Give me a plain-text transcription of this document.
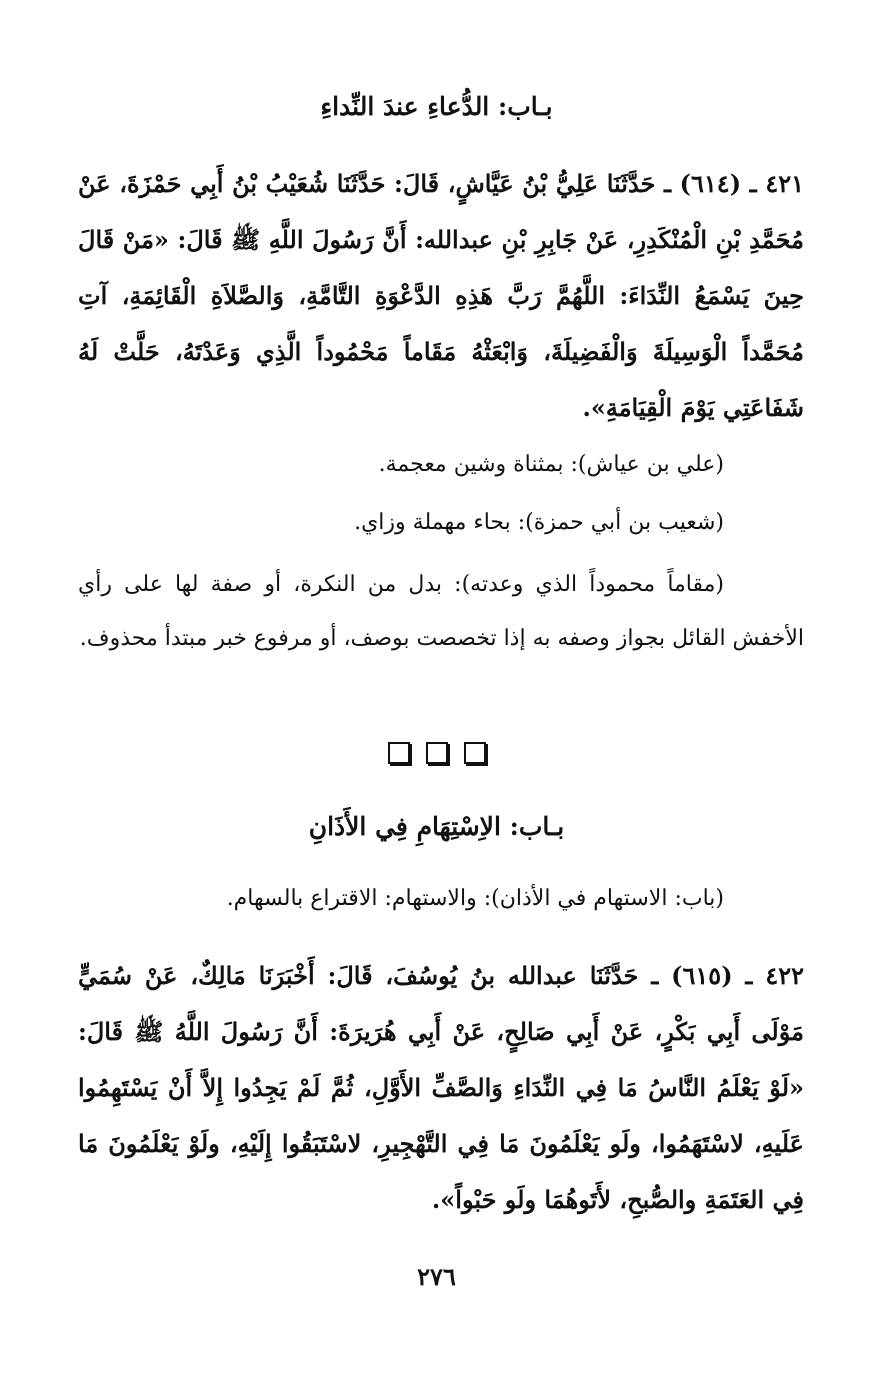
بـاب: الدُّعاءِ عندَ النِّداءِ
٤٢١ ـ (٦١٤) ـ حَدَّثَنَا عَلِيُّ بْنُ عَيَّاشٍ، قَالَ: حَدَّثَنَا شُعَيْبُ بْنُ أَبِي حَمْزَةَ، عَنْ مُحَمَّدِ بْنِ الْمُنْكَدِرِ، عَنْ جَابِرِ بْنِ عبدالله: أَنَّ رَسُولَ اللَّهِ ﷺ قَالَ: «مَنْ قَالَ حِينَ يَسْمَعُ النِّدَاءَ: اللَّهُمَّ رَبَّ هَذِهِ الدَّعْوَةِ التَّامَّةِ، وَالصَّلاَةِ الْقَائِمَةِ، آتِ مُحَمَّداً الْوَسِيلَةَ وَالْفَضِيلَةَ، وَابْعَثْهُ مَقَاماً مَحْمُوداً الَّذِي وَعَدْتَهُ، حَلَّتْ لَهُ شَفَاعَتِي يَوْمَ الْقِيَامَةِ».
(علي بن عياش): بمثناة وشين معجمة.
(شعيب بن أبي حمزة): بحاء مهملة وزاي.
(مقاماً محموداً الذي وعدته): بدل من النكرة، أو صفة لها على رأي الأخفش القائل بجواز وصفه به إذا تخصصت بوصف، أو مرفوع خبر مبتدأ محذوف.
بـاب: الاِسْتِهَامِ فِي الأَذَانِ
(باب: الاستهام في الأذان): والاستهام: الاقتراع بالسهام.
٤٢٢ ـ (٦١٥) ـ حَدَّثَنَا عبدالله بنُ يُوسُفَ، قَالَ: أَخْبَرَنَا مَالِكٌ، عَنْ سُمَيٍّ مَوْلَى أَبِي بَكْرٍ، عَنْ أَبِي صَالِحٍ، عَنْ أَبِي هُرَيرَةَ: أَنَّ رَسُولَ اللَّهُ ﷺ قَالَ: «لَوْ يَعْلَمُ النَّاسُ مَا فِي النِّدَاءِ وَالصَّفِّ الأَوَّلِ، ثُمَّ لَمْ يَجِدُوا إِلاَّ أَنْ يَسْتَهِمُوا عَلَيهِ، لاسْتَهَمُوا، ولَو يَعْلَمُونَ مَا فِي التَّهْجِيرِ، لاسْتَبَقُوا إِلَيْهِ، ولَوْ يَعْلَمُونَ مَا فِي العَتَمَةِ والصُّبحِ، لأَتَوهُمَا ولَو حَبْواً».
٢٧٦
